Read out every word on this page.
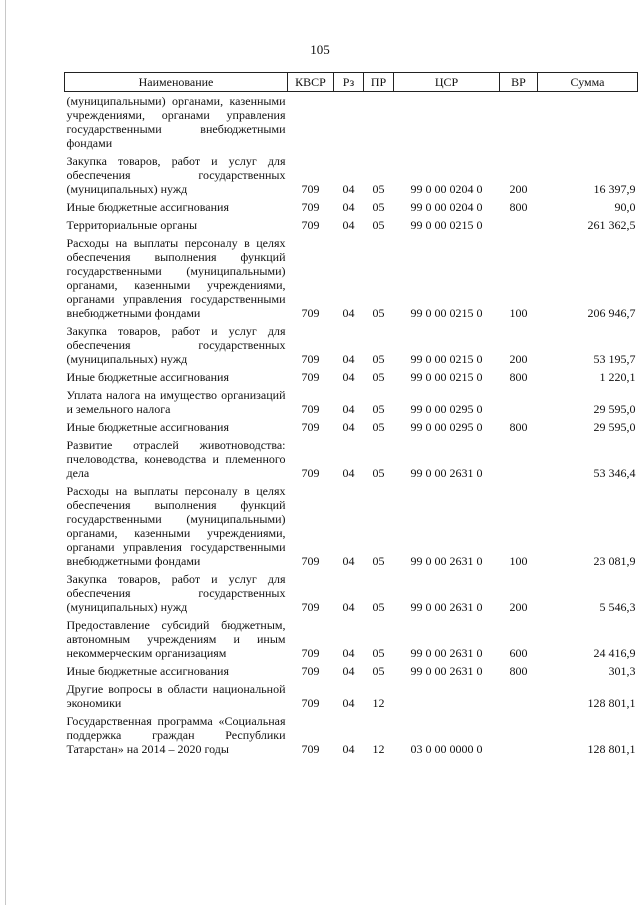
105
Наименование	КВСР	Рз	ПР	ЦСР	ВР	Сумма
(муниципальными) органами, казенными учреждениями, органами управления государственными внебюджетными фондами						
Закупка товаров, работ и услуг для обеспечения государственных (муниципальных) нужд	709	04	05	99 0 00 0204 0	200	16 397,9
Иные бюджетные ассигнования	709	04	05	99 0 00 0204 0	800	90,0
Территориальные органы	709	04	05	99 0 00 0215 0		261 362,5
Расходы на выплаты персоналу в целях обеспечения выполнения функций государственными (муниципальными) органами, казенными учреждениями, органами управления государственными внебюджетными фондами	709	04	05	99 0 00 0215 0	100	206 946,7
Закупка товаров, работ и услуг для обеспечения государственных (муниципальных) нужд	709	04	05	99 0 00 0215 0	200	53 195,7
Иные бюджетные ассигнования	709	04	05	99 0 00 0215 0	800	1 220,1
Уплата налога на имущество организаций и земельного налога	709	04	05	99 0 00 0295 0		29 595,0
Иные бюджетные ассигнования	709	04	05	99 0 00 0295 0	800	29 595,0
Развитие отраслей животноводства: пчеловодства, коневодства и племенного дела	709	04	05	99 0 00 2631 0		53 346,4
Расходы на выплаты персоналу в целях обеспечения выполнения функций государственными (муниципальными) органами, казенными учреждениями, органами управления государственными внебюджетными фондами	709	04	05	99 0 00 2631 0	100	23 081,9
Закупка товаров, работ и услуг для обеспечения государственных (муниципальных) нужд	709	04	05	99 0 00 2631 0	200	5 546,3
Предоставление субсидий бюджетным, автономным учреждениям и иным некоммерческим организациям	709	04	05	99 0 00 2631 0	600	24 416,9
Иные бюджетные ассигнования	709	04	05	99 0 00 2631 0	800	301,3
Другие вопросы в области национальной экономики	709	04	12			128 801,1
Государственная программа «Социальная поддержка граждан Республики Татарстан» на 2014 – 2020 годы	709	04	12	03 0 00 0000 0		128 801,1
